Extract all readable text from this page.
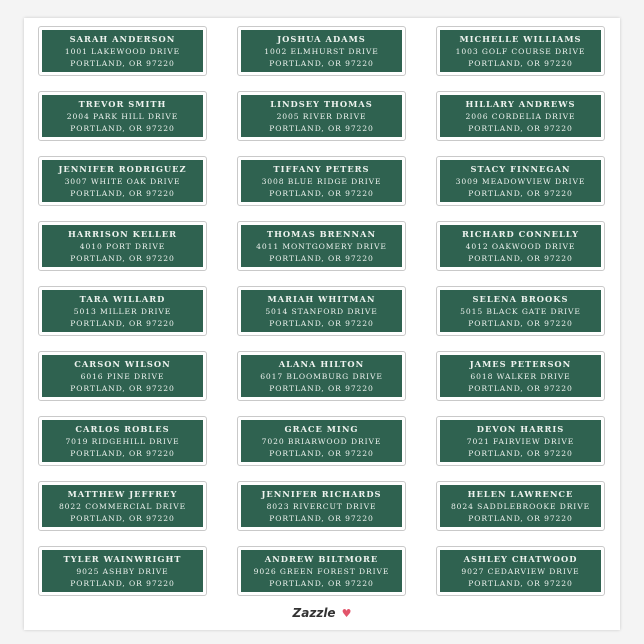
SARAH ANDERSON
1001 LAKEWOOD DRIVE
PORTLAND, OR 97220
JOSHUA ADAMS
1002 ELMHURST DRIVE
PORTLAND, OR 97220
MICHELLE WILLIAMS
1003 GOLF COURSE DRIVE
PORTLAND, OR 97220
TREVOR SMITH
2004 PARK HILL DRIVE
PORTLAND, OR 97220
LINDSEY THOMAS
2005 RIVER DRIVE
PORTLAND, OR 97220
HILLARY ANDREWS
2006 CORDELIA DRIVE
PORTLAND, OR 97220
JENNIFER RODRIGUEZ
3007 WHITE OAK DRIVE
PORTLAND, OR 97220
TIFFANY PETERS
3008 BLUE RIDGE DRIVE
PORTLAND, OR 97220
STACY FINNEGAN
3009 MEADOWVIEW DRIVE
PORTLAND, OR 97220
HARRISON KELLER
4010 PORT DRIVE
PORTLAND, OR 97220
THOMAS BRENNAN
4011 MONTGOMERY DRIVE
PORTLAND, OR 97220
RICHARD CONNELLY
4012 OAKWOOD DRIVE
PORTLAND, OR 97220
TARA WILLARD
5013 MILLER DRIVE
PORTLAND, OR 97220
MARIAH WHITMAN
5014 STANFORD DRIVE
PORTLAND, OR 97220
SELENA BROOKS
5015 BLACK GATE DRIVE
PORTLAND, OR 97220
CARSON WILSON
6016 PINE DRIVE
PORTLAND, OR 97220
ALANA HILTON
6017 BLOOMBURG DRIVE
PORTLAND, OR 97220
JAMES PETERSON
6018 WALKER DRIVE
PORTLAND, OR 97220
CARLOS ROBLES
7019 RIDGEHILL DRIVE
PORTLAND, OR 97220
GRACE MING
7020 BRIARWOOD DRIVE
PORTLAND, OR 97220
DEVON HARRIS
7021 FAIRVIEW DRIVE
PORTLAND, OR 97220
MATTHEW JEFFREY
8022 COMMERCIAL DRIVE
PORTLAND, OR 97220
JENNIFER RICHARDS
8023 RIVERCUT DRIVE
PORTLAND, OR 97220
HELEN LAWRENCE
8024 SADDLEBROOKE DRIVE
PORTLAND, OR 97220
TYLER WAINWRIGHT
9025 ASHBY DRIVE
PORTLAND, OR 97220
ANDREW BILTMORE
9026 GREEN FOREST DRIVE
PORTLAND, OR 97220
ASHLEY CHATWOOD
9027 CEDARVIEW DRIVE
PORTLAND, OR 97220
Zazzle ♥
